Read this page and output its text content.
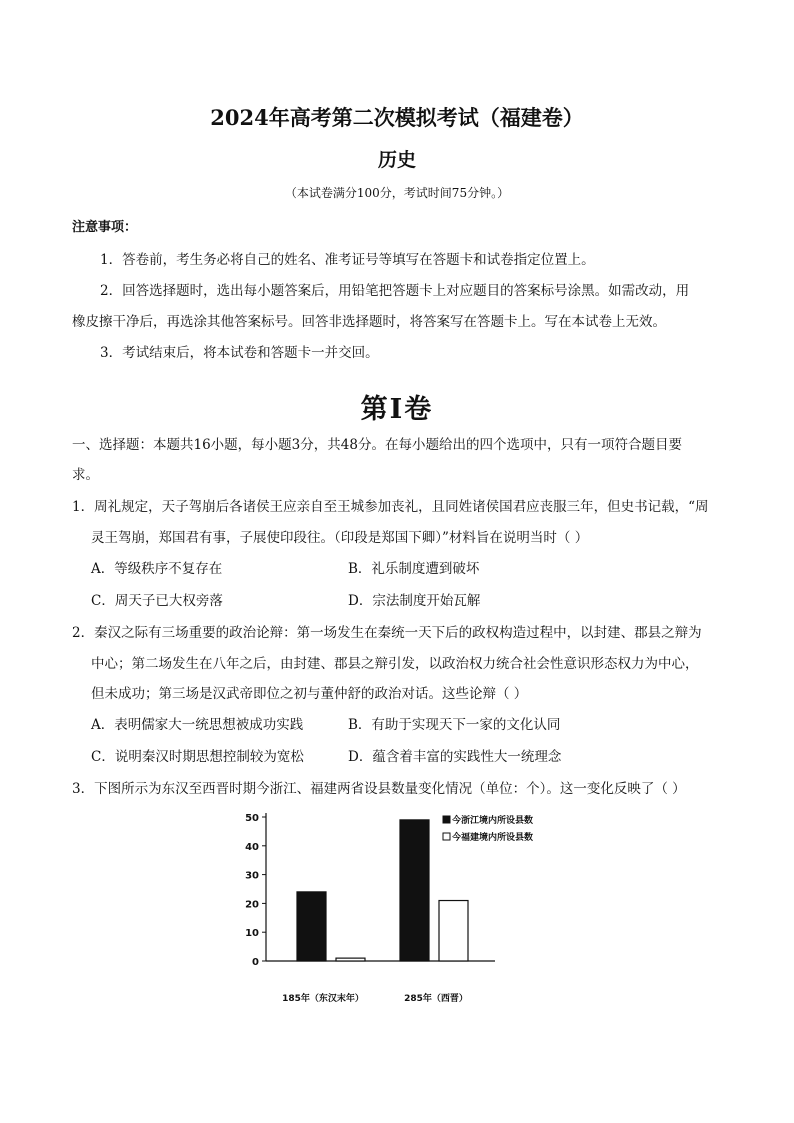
2024年高考第二次模拟考试（福建卷）
历史
（本试卷满分100分，考试时间75分钟。）
注意事项：
1．答卷前，考生务必将自己的姓名、准考证号等填写在答题卡和试卷指定位置上。
2．回答选择题时，选出每小题答案后，用铅笔把答题卡上对应题目的答案标号涂黑。如需改动，用
橡皮擦干净后，再选涂其他答案标号。回答非选择题时，将答案写在答题卡上。写在本试卷上无效。
3．考试结束后，将本试卷和答题卡一并交回。
第Ⅰ卷
一、选择题：本题共16小题，每小题3分，共48分。在每小题给出的四个选项中，只有一项符合题目要
求。
1．周礼规定，天子驾崩后各诸侯王应亲自至王城参加丧礼，且同姓诸侯国君应丧服三年，但史书记载，“周
灵王驾崩，郑国君有事，子展使印段往。（印段是郑国下卿）”材料旨在说明当时（ ）
A．等级秩序不复存在	B．礼乐制度遭到破坏
C．周天子已大权旁落	D．宗法制度开始瓦解
2．秦汉之际有三场重要的政治论辩：第一场发生在秦统一天下后的政权构造过程中，以封建、郡县之辩为
中心；第二场发生在八年之后，由封建、郡县之辩引发，以政治权力统合社会性意识形态权力为中心，
但未成功；第三场是汉武帝即位之初与董仲舒的政治对话。这些论辩（ ）
A．表明儒家大一统思想被成功实践	B．有助于实现天下一家的文化认同
C．说明秦汉时期思想控制较为宽松	D．蕴含着丰富的实践性大一统理念
3．下图所示为东汉至西晋时期今浙江、福建两省设县数量变化情况（单位：个）。这一变化反映了（ ）
0
10
20
30
40
50	今浙江境内所设县数
今福建境内所设县数
185年（东汉末年）	285年（西晋）
